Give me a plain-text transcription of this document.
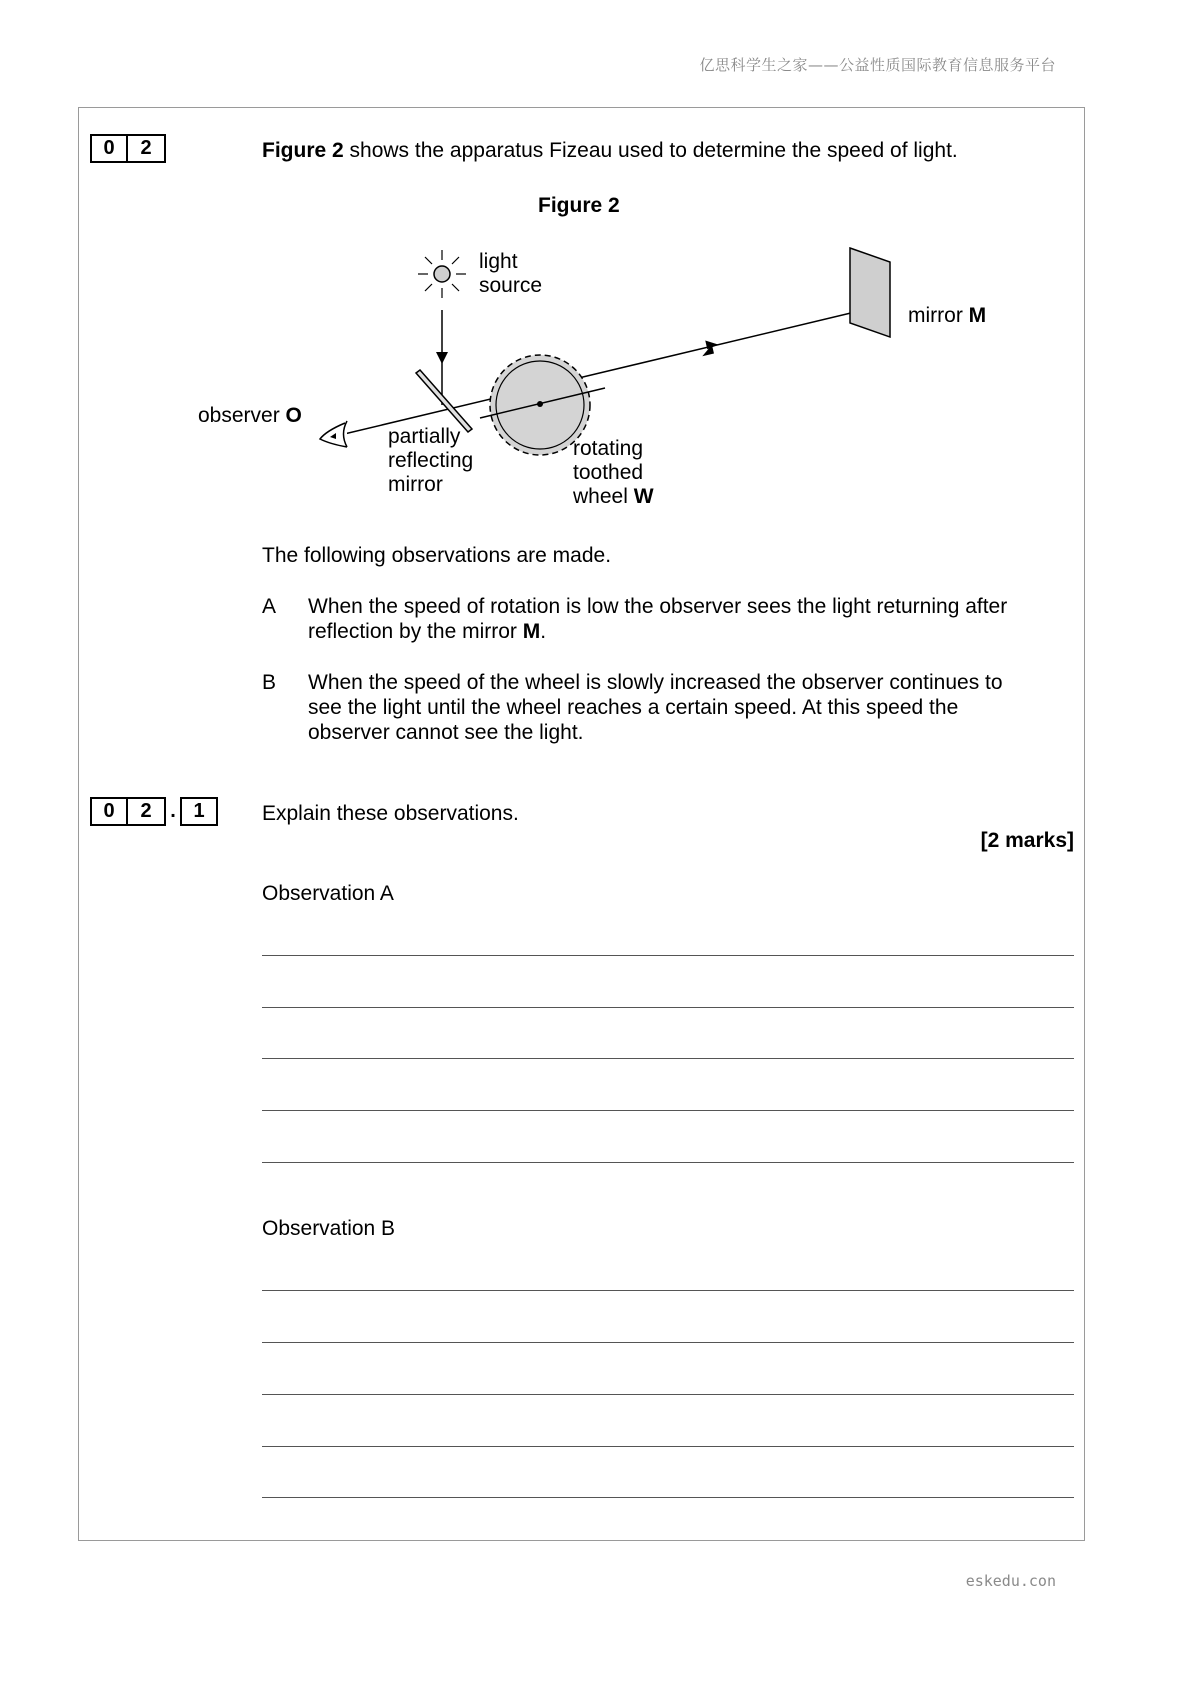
亿思科学生之家——公益性质国际教育信息服务平台
0	2	Figure 2 shows the apparatus Fizeau used to determine the speed of light.
Figure 2
light
source
mirror M
observer O
partially
reflecting
mirror
rotating
toothed
wheel W
The following observations are made.
A When the speed of rotation is low the observer sees the light returning after
reflection by the mirror M.
B When the speed of the wheel is slowly increased the observer continues to
see the light until the wheel reaches a certain speed. At this speed the
observer cannot see the light.
0	2 . 1	Explain these observations.
[2 marks]
Observation A
Observation B
eskedu.con
